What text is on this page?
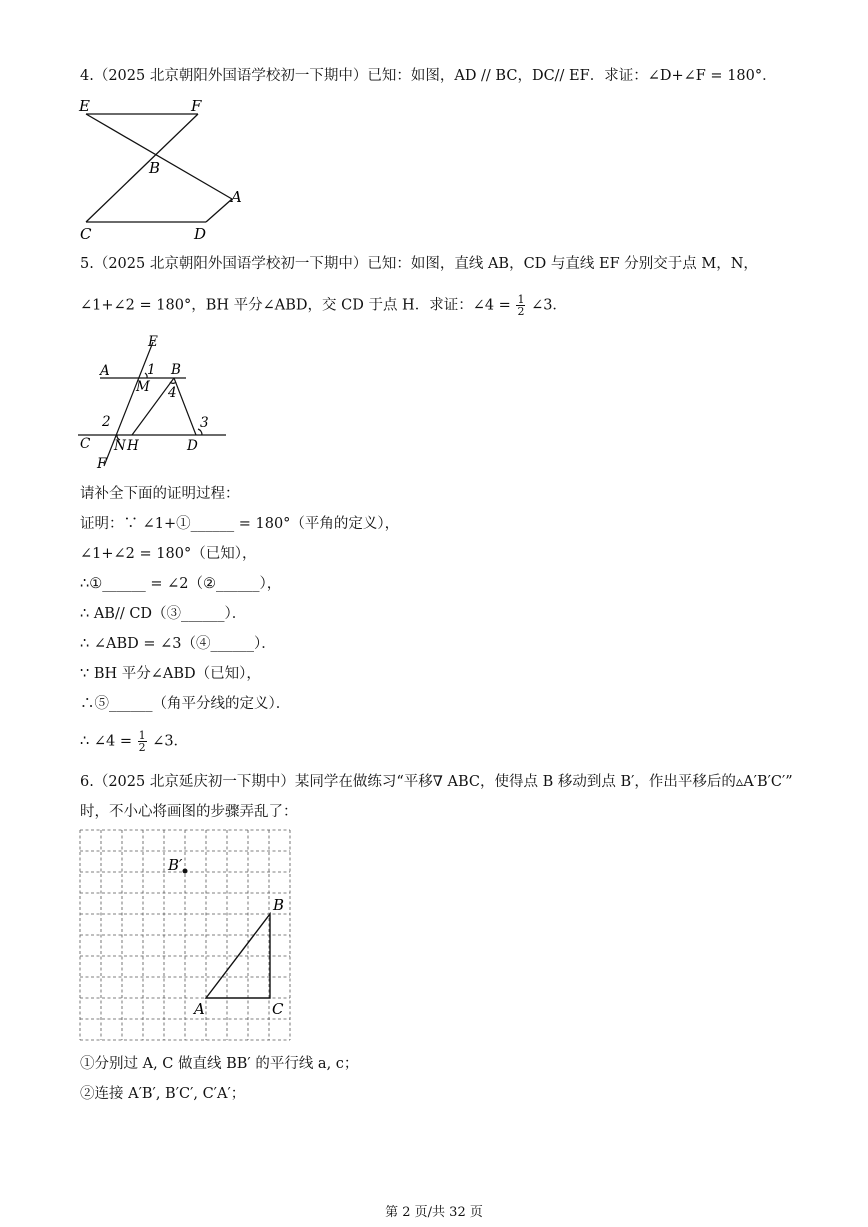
4.（2025 北京朝阳外国语学校初一下期中）已知：如图，AD // BC，DC// EF．求证：∠D+∠F = 180°．
E	F
B
A
C	D
5.（2025 北京朝阳外国语学校初一下期中）已知：如图，直线 AB，CD 与直线 EF 分别交于点 M，N，
∠1+∠2 = 180°，BH 平分∠ABD，交 CD 于点 H．求证：∠4 = $\frac{1}{2}$ ∠3．
E
A	1 B
M 4
2	3
C N H	D
F
请补全下面的证明过程：
证明：∵ ∠1+①______ = 180°（平角的定义），
∠1+∠2 = 180°（已知），
∴①______ = ∠2（②______），
∴ AB// CD（③______）．
∴ ∠ABD = ∠3（④______）．
∵ BH 平分∠ABD（已知），
∴⑤______（角平分线的定义）．
∴ ∠4 = $\frac{1}{2}$ ∠3．
6.（2025 北京延庆初一下期中）某同学在做练习“平移∇ ABC，使得点 B 移动到点 B′，作出平移后的▵A′B′C′”
时，不小心将画图的步骤弄乱了：
B′
B
A	C
①分别过 A, C 做直线 BB′ 的平行线 a, c；
②连接 A′B′, B′C′, C′A′；
第 2 页/共 32 页
